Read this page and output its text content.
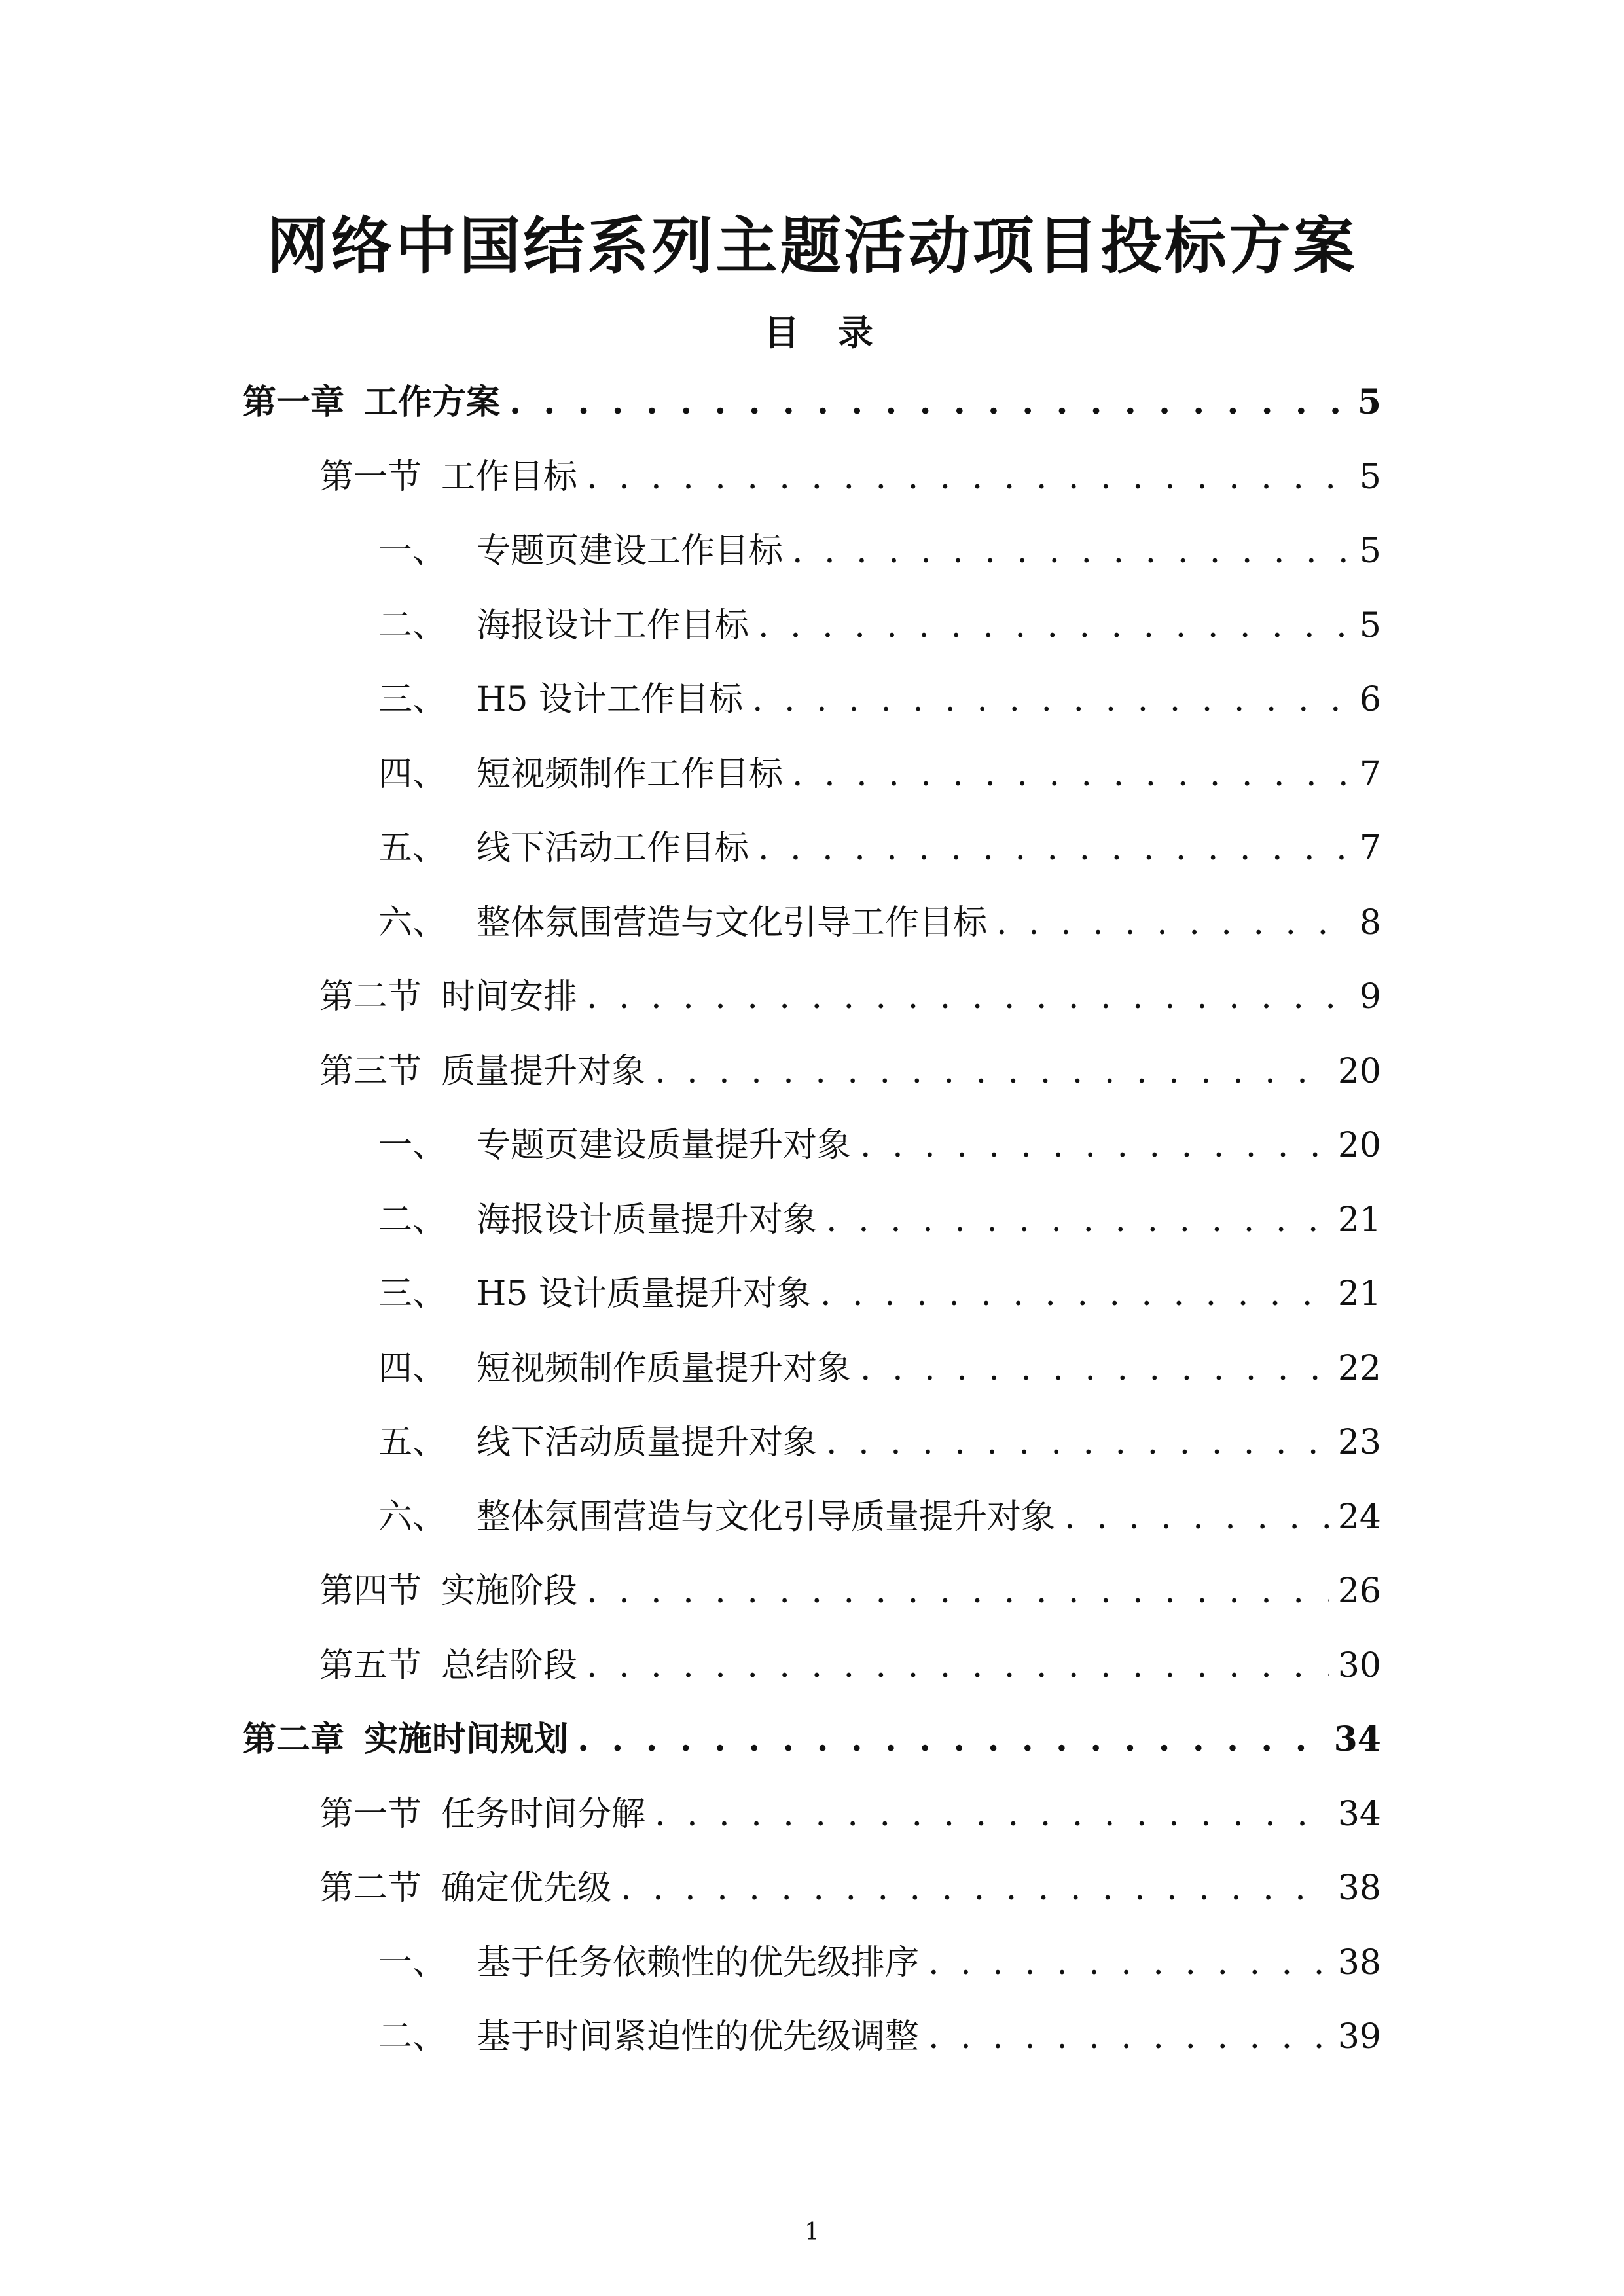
网络中国结系列主题活动项目投标方案
目 录
第一章 工作方案 . . .	5
第一节 工作目标 . . .	5
一、 专题页建设工作目标 . . .	5
二、 海报设计工作目标 . . .	5
三、 H5 设计工作目标 . . .	6
四、 短视频制作工作目标 . . .	7
五、 线下活动工作目标 . . .	7
六、 整体氛围营造与文化引导工作目标 . . .	8
第二节 时间安排 . . .	9
第三节 质量提升对象 . . .	20
一、 专题页建设质量提升对象 . . .	20
二、 海报设计质量提升对象 . . .	21
三、 H5 设计质量提升对象 . . .	21
四、 短视频制作质量提升对象 . . .	22
五、 线下活动质量提升对象 . . .	23
六、 整体氛围营造与文化引导质量提升对象 . . .	24
第四节 实施阶段 . . .	26
第五节 总结阶段 . . .	30
第二章 实施时间规划 . . .	34
第一节 任务时间分解 . . .	34
第二节 确定优先级 . . .	38
一、 基于任务依赖性的优先级排序 . . .	38
二、 基于时间紧迫性的优先级调整 . . .	39
1
